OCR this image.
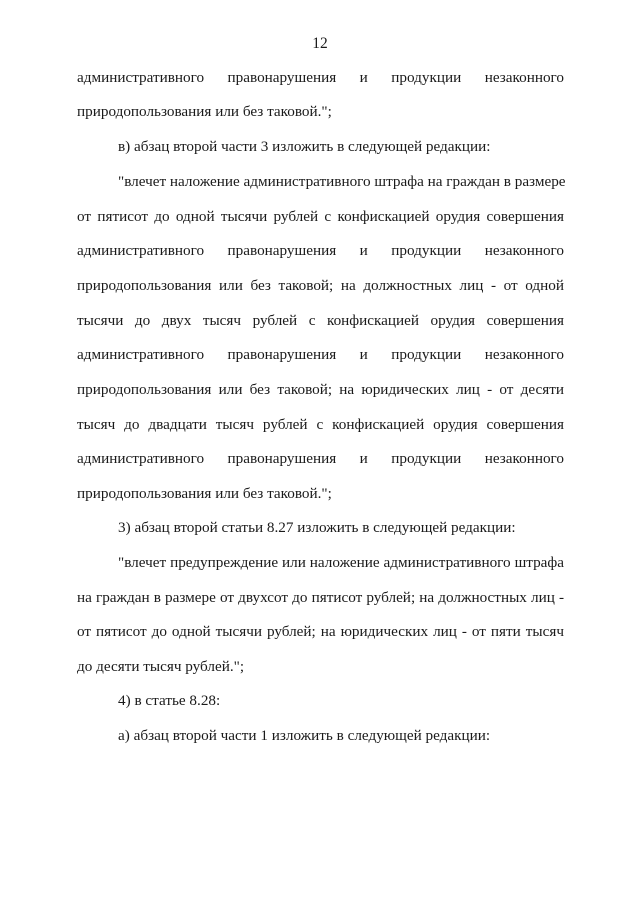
12
административного правонарушения и продукции незаконного
природопользования или без таковой.";
в) абзац второй части 3 изложить в следующей редакции:
"влечет наложение административного штрафа на граждан в размере
от пятисот до одной тысячи рублей с конфискацией орудия совершения
административного правонарушения и продукции незаконного
природопользования или без таковой; на должностных лиц - от одной
тысячи до двух тысяч рублей с конфискацией орудия совершения
административного правонарушения и продукции незаконного
природопользования или без таковой; на юридических лиц - от десяти
тысяч до двадцати тысяч рублей с конфискацией орудия совершения
административного правонарушения и продукции незаконного
природопользования или без таковой.";
3) абзац второй статьи 8.27 изложить в следующей редакции:
"влечет предупреждение или наложение административного штрафа
на граждан в размере от двухсот до пятисот рублей; на должностных лиц -
от пятисот до одной тысячи рублей; на юридических лиц - от пяти тысяч
до десяти тысяч рублей.";
4) в статье 8.28:
а) абзац второй части 1 изложить в следующей редакции:
